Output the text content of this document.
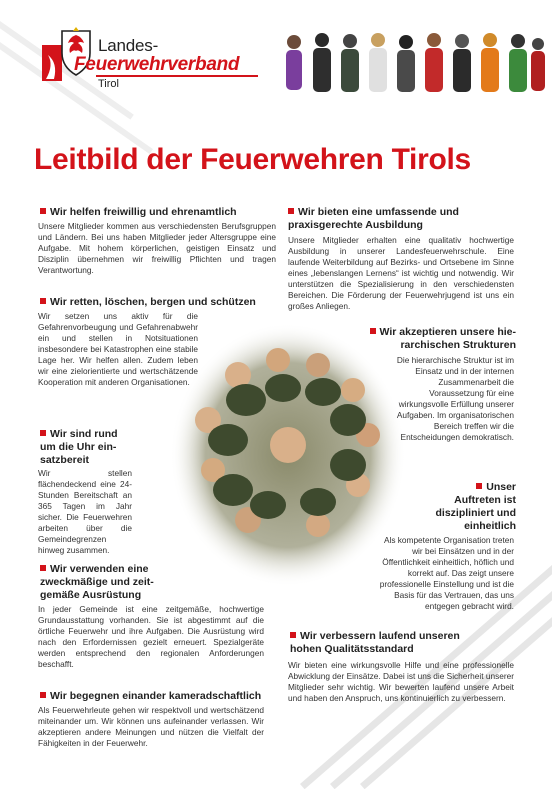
Landes-
Feuerwehrverband
Tirol
Leitbild der Feuerwehren Tirols
Wir helfen freiwillig und ehrenamtlich
Unsere Mitglieder kommen aus verschiedensten Berufsgruppen und Ländern. Bei uns haben Mitglieder jeder Altersgruppe eine Aufgabe. Mit hohem körperlichen, geistigen Einsatz und Disziplin übernehmen wir freiwillig Pflichten und tragen Verantwortung.
Wir retten, löschen, bergen und schützen
Wir setzen uns aktiv für die Gefahrenvorbeugung und Gefahrenabwehr ein und stellen in Notsituationen insbesondere bei Katastrophen eine stabile Lage her. Wir helfen allen. Zudem leben wir eine zielorientierte und wertschätzende Kooperation mit anderen Organisationen.
Wir sind rund
um die Uhr ein-
satzbereit
Wir stellen flächendeckend eine 24-Stunden Bereitschaft an 365 Tagen im Jahr sicher. Die Feuerwehren arbeiten über die Gemeindegrenzen hinweg zusammen.
Wir verwenden eine
zweckmäßige und zeit-
gemäße Ausrüstung
In jeder Gemeinde ist eine zeitgemäße, hochwertige Grundausstattung vorhanden. Sie ist abgestimmt auf die örtliche Feuerwehr und ihre Aufgaben. Die Ausrüstung wird nach den Erfordernissen gezielt erneuert. Spezialgeräte werden entsprechend den regionalen Anforderungen beschafft.
Wir begegnen einander kameradschaftlich
Als Feuerwehrleute gehen wir respektvoll und wertschätzend miteinander um. Wir können uns aufeinander verlassen. Wir akzeptieren andere Meinungen und nützen die Vielfalt der Fähigkeiten in der Feuerwehr.
Wir bieten eine umfassende und
praxisgerechte Ausbildung
Unsere Mitglieder erhalten eine qualitativ hochwertige Ausbildung in unserer Landesfeuerwehrschule. Eine laufende Weiterbildung auf Bezirks- und Ortsebene im Sinne eines „lebenslangen Lernens“ ist wichtig und notwendig. Wir unterstützen die Spezialisierung in den verschiedensten Bereichen. Die Förderung der Feuerwehrjugend ist uns ein großes Anliegen.
Wir akzeptieren unsere hie-
rarchischen Strukturen
Die hierarchische Struktur ist im Einsatz und in der internen Zusammenarbeit die Voraussetzung für eine wirkungsvolle Erfüllung unserer Aufgaben. Im organisatorischen Bereich treffen wir die Entscheidungen demokratisch.
Unser
Auftreten ist
diszipliniert und
einheitlich
Als kompetente Organisation treten wir bei Einsätzen und in der Öffentlichkeit einheitlich, höflich und korrekt auf. Das zeigt unsere professionelle Einstellung und ist die Basis für das Vertrauen, das uns entgegen gebracht wird.
Wir verbessern laufend unseren
hohen Qualitätsstandard
Wir bieten eine wirkungsvolle Hilfe und eine professionelle Abwicklung der Einsätze. Dabei ist uns die Sicherheit unserer Mitglieder sehr wichtig. Wir bewerten laufend unsere Arbeit und haben den Anspruch, uns kontinuierlich zu verbessern.
